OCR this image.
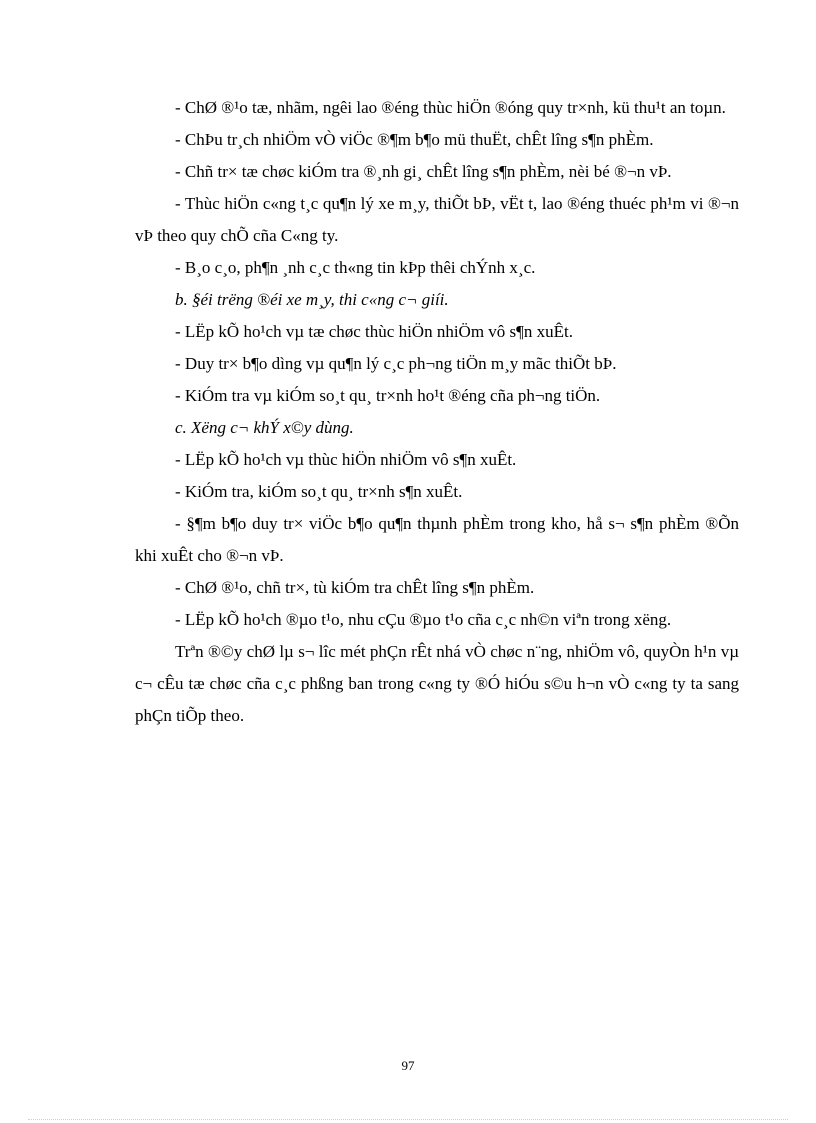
- ChØ ®¹o tæ, nhãm, ngêi lao ®éng thùc hiÖn ®óng quy tr×nh, kü thu¹t an toµn.

- ChÞu tr¸ch nhiÖm vÒ viÖc ®¶m b¶o mü thuËt, chÊt lîng s¶n phÈm.

- Chñ tr× tæ chøc kiÓm tra ®¸nh gi¸ chÊt lîng s¶n phÈm, nèi bé ®¬n vÞ.

- Thùc hiÖn c«ng t¸c qu¶n lý xe m¸y, thiÕt bÞ, vËt t, lao ®éng thuéc ph¹m vi ®¬n vÞ theo quy chÕ cña C«ng ty.

- B¸o c¸o, ph¶n ¸nh c¸c th«ng tin kÞp thêi chÝnh x¸c.

b. §éi trëng ®éi xe m¸y, thi c«ng c¬ giíi.

- LËp kÕ ho¹ch vµ tæ chøc thùc hiÖn nhiÖm vô s¶n xuÊt.

- Duy tr× b¶o dìng vµ qu¶n lý c¸c ph¬ng tiÖn m¸y mãc thiÕt bÞ.

- KiÓm tra vµ kiÓm so¸t qu¸ tr×nh ho¹t ®éng cña ph¬ng tiÖn.

c. Xëng c¬ khÝ x©y dùng.

- LËp kÕ ho¹ch vµ thùc hiÖn nhiÖm vô s¶n xuÊt.

- KiÓm tra, kiÓm so¸t qu¸ tr×nh s¶n xuÊt.

- §¶m b¶o duy tr× viÖc b¶o qu¶n thµnh phÈm trong kho, hå s¬ s¶n phÈm ®Õn khi xuÊt cho ®¬n vÞ.

- ChØ ®¹o, chñ tr×, tù kiÓm tra chÊt lîng s¶n phÈm.

- LËp kÕ ho¹ch ®µo t¹o, nhu cÇu ®µo t¹o cña c¸c nh©n viªn trong xëng.

Trªn ®©y chØ lµ s¬ lîc mét phÇn rÊt nhá vÒ chøc n¨ng, nhiÖm vô, quyÒn h¹n vµ c¬ cÊu tæ chøc cña c¸c phßng ban trong c«ng ty ®Ó hiÓu s©u h¬n vÒ c«ng ty ta sang phÇn tiÕp theo.

97
